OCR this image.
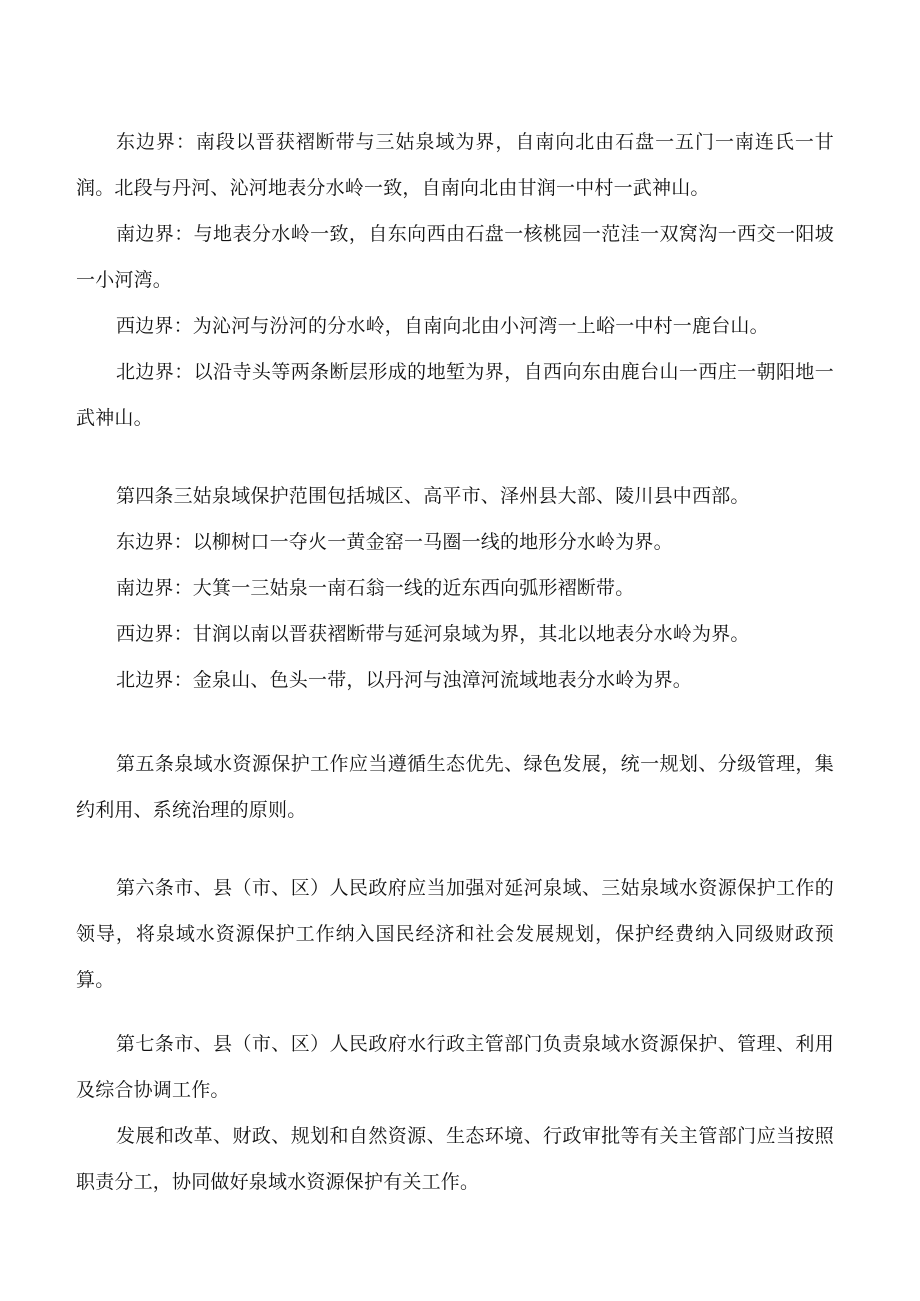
东边界：南段以晋获褶断带与三姑泉域为界，自南向北由石盘一五门一南连氏一甘润。北段与丹河、沁河地表分水岭一致，自南向北由甘润一中村一武神山。

南边界：与地表分水岭一致，自东向西由石盘一核桃园一范洼一双窝沟一西交一阳坡一小河湾。

西边界：为沁河与汾河的分水岭，自南向北由小河湾一上峪一中村一鹿台山。

北边界：以沿寺头等两条断层形成的地堑为界，自西向东由鹿台山一西庄一朝阳地一武神山。

第四条三姑泉域保护范围包括城区、高平市、泽州县大部、陵川县中西部。

东边界：以柳树口一夺火一黄金窑一马圈一线的地形分水岭为界。

南边界：大箕一三姑泉一南石翁一线的近东西向弧形褶断带。

西边界：甘润以南以晋获褶断带与延河泉域为界，其北以地表分水岭为界。

北边界：金泉山、色头一带，以丹河与浊漳河流域地表分水岭为界。

第五条泉域水资源保护工作应当遵循生态优先、绿色发展，统一规划、分级管理，集约利用、系统治理的原则。

第六条市、县（市、区）人民政府应当加强对延河泉域、三姑泉域水资源保护工作的领导，将泉域水资源保护工作纳入国民经济和社会发展规划，保护经费纳入同级财政预算。

第七条市、县（市、区）人民政府水行政主管部门负责泉域水资源保护、管理、利用及综合协调工作。

发展和改革、财政、规划和自然资源、生态环境、行政审批等有关主管部门应当按照职责分工，协同做好泉域水资源保护有关工作。
